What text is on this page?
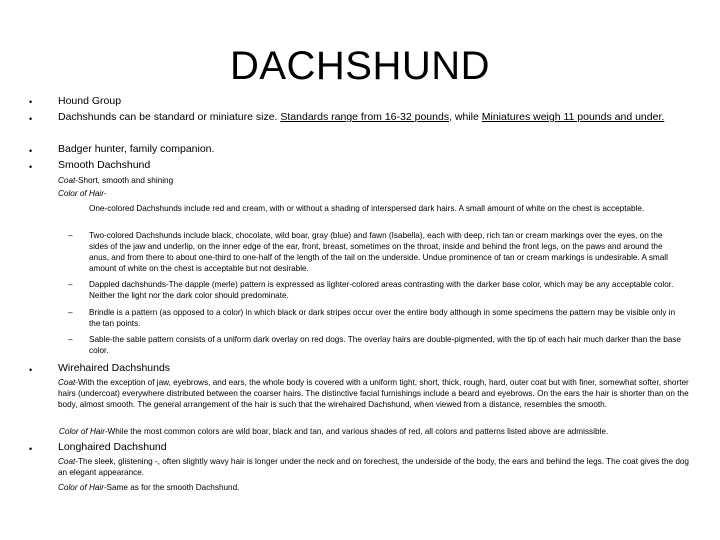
DACHSHUND
• Hound Group
• Dachshunds can be standard or miniature size. Standards range from 16-32 pounds, while Miniatures weigh 11 pounds and under.
• Badger hunter, family companion.
• Smooth Dachshund
Coat-Short, smooth and shining
Color of Hair-
One-colored Dachshunds include red and cream, with or without a shading of interspersed dark hairs. A small amount of white on the chest is acceptable.
– Two-colored Dachshunds include black, chocolate, wild boar, gray (blue) and fawn (Isabella), each with deep, rich tan or cream markings over the eyes, on the sides of the jaw and underlip, on the inner edge of the ear, front, breast, sometimes on the throat, inside and behind the front legs, on the paws and around the anus, and from there to about one-third to one-half of the length of the tail on the underside. Undue prominence of tan or cream markings is undesirable. A small amount of white on the chest is acceptable but not desirable.
– Dappled dachshunds-The dapple (merle) pattern is expressed as lighter-colored areas contrasting with the darker base color, which may be any acceptable color. Neither the light nor the dark color should predominate.
– Brindle is a pattern (as opposed to a color) in which black or dark stripes occur over the entire body although in some specimens the pattern may be visible only in the tan points.
– Sable-the sable pattern consists of a uniform dark overlay on red dogs. The overlay hairs are double-pigmented, with the tip of each hair much darker than the base color.
• Wirehaired Dachshunds
Coat-With the exception of jaw, eyebrows, and ears, the whole body is covered with a uniform tight, short, thick, rough, hard, outer coat but with finer, somewhat softer, shorter hairs (undercoat) everywhere distributed between the coarser hairs. The distinctive facial furnishings include a beard and eyebrows. On the ears the hair is shorter than on the body, almost smooth. The general arrangement of the hair is such that the wirehaired Dachshund, when viewed from a distance, resembles the smooth.
Color of Hair-While the most common colors are wild boar, black and tan, and various shades of red, all colors and patterns listed above are admissible.
• Longhaired Dachshund
Coat-The sleek, glistening -, often slightly wavy hair is longer under the neck and on forechest, the underside of the body, the ears and behind the legs. The coat gives the dog an elegant appearance.
Color of Hair-Same as for the smooth Dachshund.
